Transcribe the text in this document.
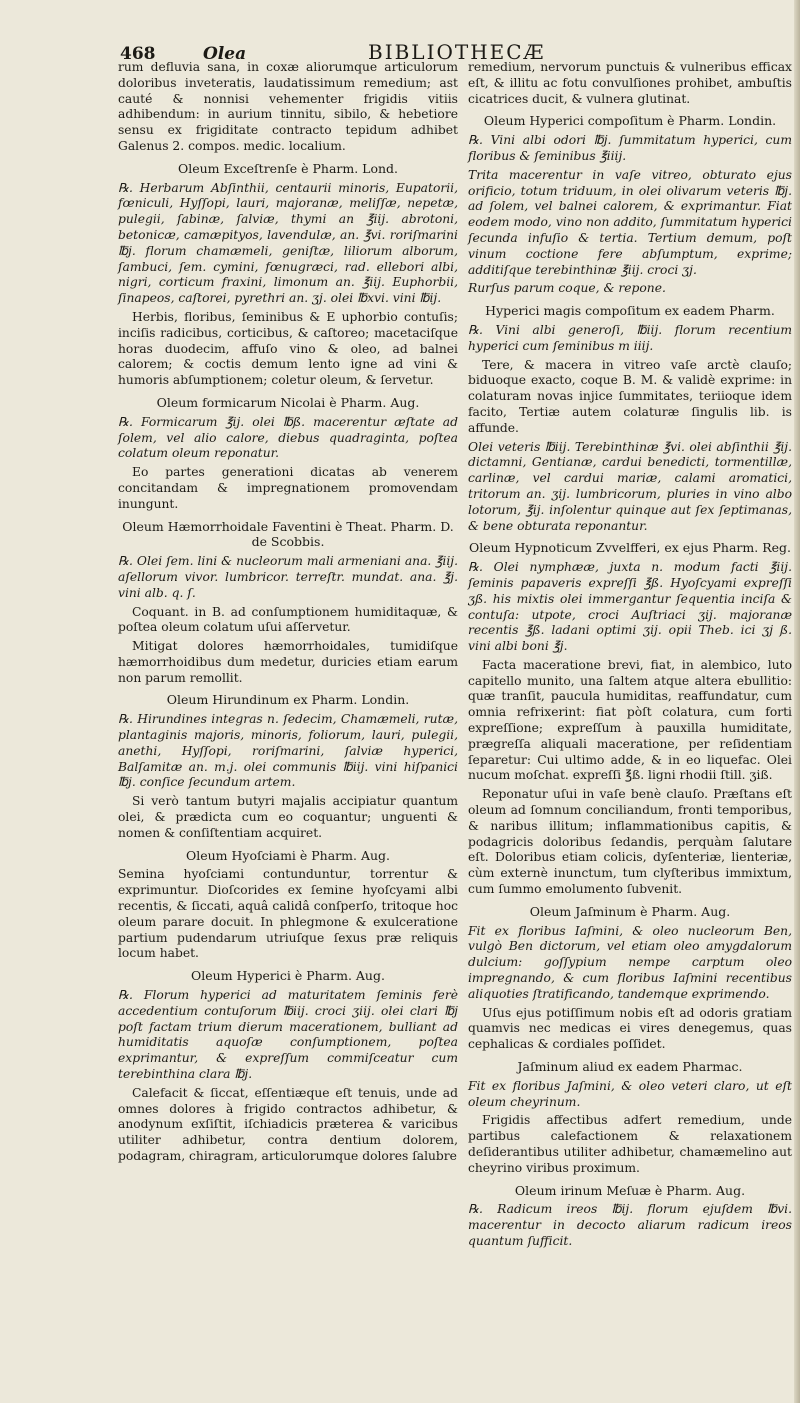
468	Olea	BIBLIOTHECÆ

rum defluvia sana, in coxæ aliorumque articulorum doloribus inveteratis, laudatissimum remedium; ast cauté & nonnisi vehementer frigidis vitiis adhibendum: in aurium tinnitu, sibilo, & hebetiore sensu ex frigiditate contracto tepidum adhibet Galenus 2. compos. medic. localium.

Oleum Exceſtrenſe è Pharm. Lond.

℞. Herbarum Abſinthii, centaurii minoris, Eupatorii, fœniculi, Hyſſopi, lauri, majoranæ, meliſſæ, nepetæ, pulegii, ſabinæ, ſalviæ, thymi an ℥iij. abrotoni, betonicæ, camæpityos, lavendulæ, an. ℥vi. roriſmarini ℔j. florum chamæmeli, geniſtæ, liliorum alborum, ſambuci, ſem. cymini, fœnugræci, rad. ellebori albi, nigri, corticum fraxini, limonum an. ℥iij. Euphorbii, ſinapeos, caſtorei, pyrethri an. ʒj. olei ℔xvi. vini ℔ij.

Herbis, floribus, ſeminibus & E uphorbio contuſis; inciſis radicibus, corticibus, & caſtoreo; macetaciſque horas duodecim, affuſo vino & oleo, ad balnei calorem; & coctis demum lento igne ad vini & humoris abſumptionem; coletur oleum, & ſervetur.

Oleum formicarum Nicolai è Pharm. Aug.

℞. Formicarum ℥ij. olei ℔ß. macerentur æſtate ad ſolem, vel alio calore, diebus quadraginta, poſtea colatum oleum reponatur.

Eo partes generationi dicatas ab venerem concitandam & impregnationem promovendam inungunt.

Oleum Hæmorrhoidale Faventini è Theat. Pharm. D. de Scobbis.

℞. Olei ſem. lini & nucleorum mali armeniani ana. ℥iij. aſellorum vivor. lumbricor. terreſtr. mundat. ana. ℥j. vini alb. q. ſ.

Coquant. in B. ad conſumptionem humiditaquæ, & poſtea oleum colatum uſui aſſervetur.

Mitigat dolores hæmorrhoidales, tumidiſque hæmorrhoidibus dum medetur, duricies etiam earum non parum remollit.

Oleum Hirundinum ex Pharm. Londin.

℞. Hirundines integras n. ſedecim, Chamæmeli, rutæ, plantaginis majoris, minoris, foliorum, lauri, pulegii, anethi, Hyſſopi, roriſmarini, ſalviæ hyperici, Balſamitæ an. m.j. olei communis ℔iij. vini hiſpanici ℔j. conſice ſecundum artem.

Si verò tantum butyri majalis accipiatur quantum olei, & prædicta cum eo coquantur; unguenti & nomen & conſiſtentiam acquiret.

Oleum Hyoſciami è Pharm. Aug.

Semina hyoſciami contunduntur, torrentur & exprimuntur. Dioſcorides ex ſemine hyoſcyami albi recentis, & ſiccati, aquâ calidâ conſperſo, tritoque hoc oleum parare docuit. In phlegmone & exulceratione partium pudendarum utriuſque ſexus præ reliquis locum habet.

Oleum Hyperici è Pharm. Aug.

℞. Florum hyperici ad maturitatem ſeminis ferè accedentium contuſorum ℔iij. croci ʒiij. olei clari ℔j poſt factam trium dierum macerationem, bulliant ad humiditatis aquoſæ conſumptionem, poſtea exprimantur, & expreſſum commiſceatur cum terebinthina clara ℔j.

Calefacit & ſiccat, eſſentiæque eſt tenuis, unde ad omnes dolores à frigido contractos adhibetur, & anodynum exſiſtit, iſchiadicis præterea & varicibus utiliter adhibetur, contra dentium dolorem, podagram, chiragram, articulorumque dolores ſalubre

remedium, nervorum punctuis & vulneribus efficax eſt, & illitu ac fotu convulſiones prohibet, ambuſtis cicatrices ducit, & vulnera glutinat.

Oleum Hyperici compoſitum è Pharm. Londin.

℞. Vini albi odori ℔j. ſummitatum hyperici, cum floribus & ſeminibus ℥iiij.

Trita macerentur in vaſe vitreo, obturato ejus orificio, totum triduum, in olei olivarum veteris ℔j. ad ſolem, vel balnei calorem, & exprimantur. Fiat eodem modo, vino non addito, ſummitatum hyperici ſecunda infuſio & tertia. Tertium demum, poſt vinum coctione fere abſumptum, exprime; additiſque terebinthinæ ℥iij. croci ʒj.

Rurſus parum coque, & repone.

Hyperici magis compoſitum ex eadem Pharm.

℞. Vini albi generoſi, ℔iij. florum recentium hyperici cum ſeminibus m iiij.

Tere, & macera in vitreo vaſe arctè clauſo; biduoque exactо, coque B. M. & validè exprime: in colaturam novas injice ſummitates, teriioque idem facito, Tertiæ autem colaturæ ſingulis lib. is affunde.

Olei veteris ℔iij. Terebinthinæ ℥vi. olei abſinthii ℥ij. dictamni, Gentianæ, cardui benedicti, tormentillæ, carlinæ, vel cardui mariæ, calami aromatici, tritorum an. ʒij. lumbricorum, pluries in vino albo lotorum, ℥ij. inſolentur quinque aut ſex ſeptimanas, & bene obturata reponantur.

Oleum Hypnoticum Zvvelfferi, ex ejus Pharm. Reg.

℞. Olei nymphææ, juxta n. modum facti ℥iij. ſeminis papaveris expreſſi ℥ß. Hyoſcyami expreſſi ʒß. his mixtis olei immergantur ſequentia inciſa & contuſa: utpote, croci Auſtriaci ʒij. majoranæ recentis ℥ß. ladani optimi ʒij. opii Theb. ici ʒj ß. vini albi boni ℥j.

Facta maceratione brevi, fiat, in alembico, luto capitello munito, una ſaltem atque altera ebullitio: quæ tranſit, paucula humiditas, reaffundatur, cum omnia refrixerint: fiat pòſt colatura, cum forti expreſſione; expreſſum à pauxilla humiditate, prægreſſa aliquali maceratione, per reſidentiam ſeparetur: Cui ultimo adde, & in eo liquefac. Olei nucum moſchat. expreſſi ℥ß. ligni rhodii ſtill. ʒiß.

Reponatur uſui in vaſe benè clauſo. Præſtans eſt oleum ad ſomnum conciliandum, fronti temporibus, & naribus illitum; inflammationibus capitis, & podagricis doloribus ſedandis, perquàm ſalutare eſt. Doloribus etiam colicis, dyſenteriæ, lienteriæ, cùm externè inunctum, tum clyſteribus immixtum, cum ſummo emolumento ſubvenit.

Oleum Jaſminum è Pharm. Aug.

Fit ex floribus Iaſmini, & oleo nucleorum Ben, vulgò Ben dictorum, vel etiam oleo amygdalorum dulcium: goſſypium nempe carptum oleo impregnando, & cum floribus Iaſmini recentibus aliquoties ſtratificando, tandemque exprimendo.

Uſus ejus potiſſimum nobis eſt ad odoris gratiam quamvis nec medicas ei vires denegemus, quas cephalicas & cordiales poſſidet.

Jaſminum aliud ex eadem Pharmac.

Fit ex floribus Jaſmini, & oleo veteri claro, ut eſt oleum cheyrinum.

Frigidis affectibus adfert remedium, unde partibus calefactionem & relaxationem deſiderantibus utiliter adhibetur, chamæmelino aut cheyrino viribus proximum.

Oleum irinum Meſuæ è Pharm. Aug.

℞. Radicum ireos ℔ij. florum ejuſdem ℔vi. macerentur in decocto aliarum radicum ireos quantum ſufficit.
